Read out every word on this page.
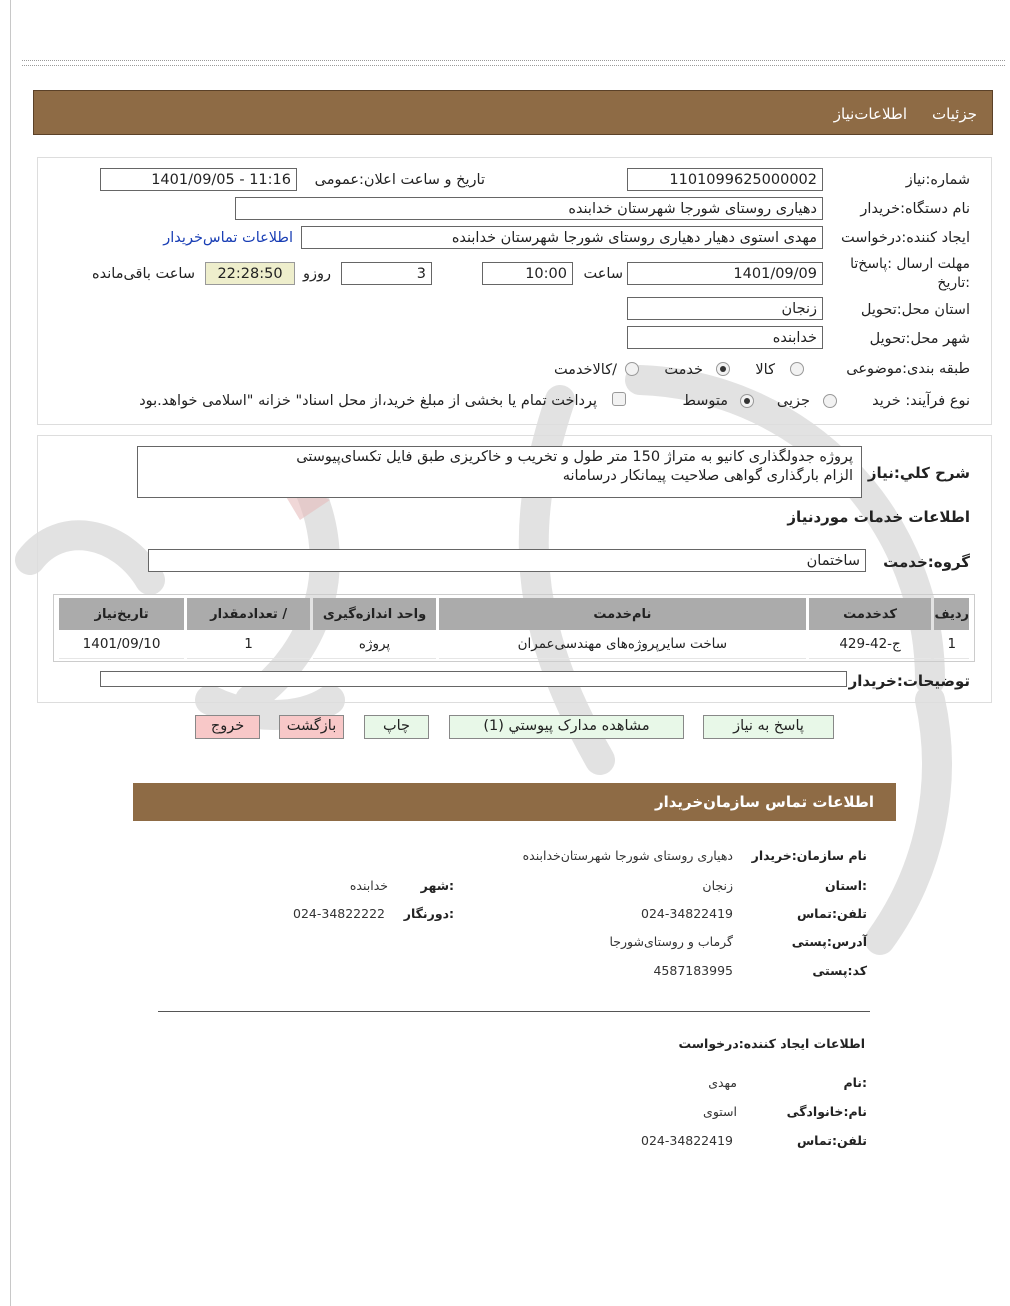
جزئيات
اطلاعات‌نیاز
شماره:نیاز
1101099625000002
تاریخ و ساعت اعلان:عمومی
1401/09/05 - 11:16
نام دستگاه:خریدار
دهیاری روستای شورجا شهرستان خدابنده
ایجاد کننده:درخواست
مهدی استوی دهیار دهیاری روستای شورجا شهرستان خدابنده
اطلاعات تماس‌خریدار
مهلت ارسال :پاسخ‌تا
:تاریخ
1401/09/09
ساعت
10:00
3
روزو
22:28:50
ساعت باقی‌مانده
استان محل:تحویل
زنجان
شهر محل:تحویل
خدابنده
طبقه بندی:موضوعی
کالا
خدمت
/کالاخدمت
نوع فرآیند: خرید
جزیی
متوسط
پرداخت تمام یا بخشی از مبلغ خرید،از محل اسناد" خزانه "اسلامی خواهد.بود
شرح کلي:نیاز
پروژه جدولگذاری کانیو به متراژ 150 متر طول و تخریب و خاکریزی طبق فایل تکسای‌پیوستی
الزام بارگذاری گواهی صلاحیت پیمانکار درسامانه
اطلاعات خدمات موردنیاز
گروه:خدمت
ساختمان
ردیف	کدخدمت	نام‌خدمت	واحد اندازه‌گیری	/ تعدادمقدار	تاریخ‌نیاز
1	ج-42-429	ساخت سایرپروژه‌های مهندسی‌عمران	پروژه	1	1401/09/10
توضیحات:خریدار
پاسخ به نیاز
مشاهده مدارک پیوستي (1)
چاپ
بازگشت
خروج
اطلاعات تماس سازمان‌خریدار
نام سازمان:خریدار
دهیاری روستای شورجا شهرستان‌خدابنده
:استان
زنجان
:شهر
خدابنده
تلفن:تماس
024-34822419
:دورنگار
024-34822222
آدرس:پستی
گرماب و روستای‌شورجا
کد:پستی
4587183995
اطلاعات ایجاد کننده:درخواست
:نام
مهدی
نام:خانوادگی
استوی
تلفن:تماس
024-34822419
